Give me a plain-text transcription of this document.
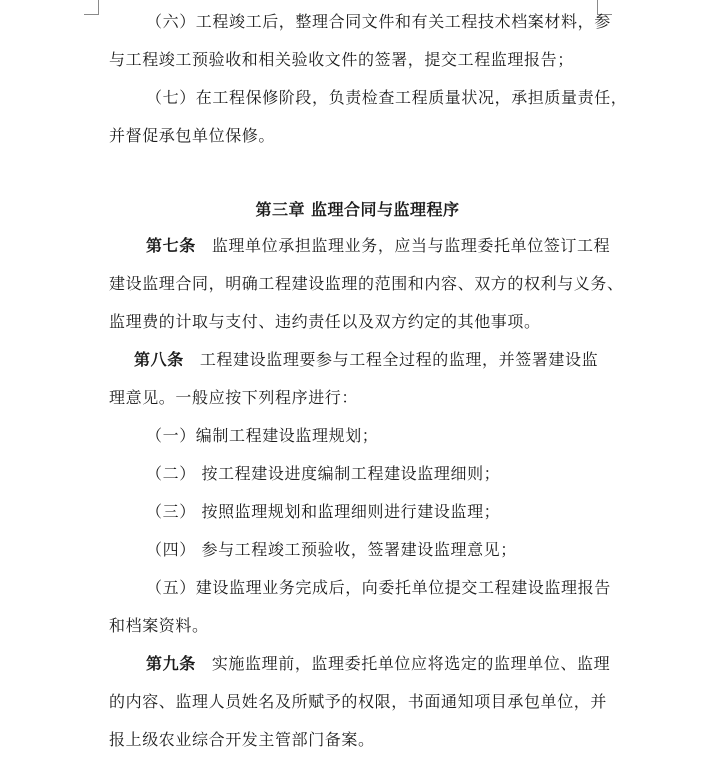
（六）工程竣工后，整理合同文件和有关工程技术档案材料，参
与工程竣工预验收和相关验收文件的签署，提交工程监理报告；
（七）在工程保修阶段，负责检查工程质量状况，承担质量责任，
并督促承包单位保修。
第三章 监理合同与监理程序
第七条 监理单位承担监理业务，应当与监理委托单位签订工程
建设监理合同，明确工程建设监理的范围和内容、双方的权利与义务、
监理费的计取与支付、违约责任以及双方约定的其他事项。
第八条 工程建设监理要参与工程全过程的监理，并签署建设监
理意见。一般应按下列程序进行：
（一）编制工程建设监理规划；
（二） 按工程建设进度编制工程建设监理细则；
（三） 按照监理规划和监理细则进行建设监理；
（四） 参与工程竣工预验收，签署建设监理意见；
（五）建设监理业务完成后，向委托单位提交工程建设监理报告
和档案资料。
第九条 实施监理前，监理委托单位应将选定的监理单位、监理
的内容、监理人员姓名及所赋予的权限，书面通知项目承包单位，并
报上级农业综合开发主管部门备案。
